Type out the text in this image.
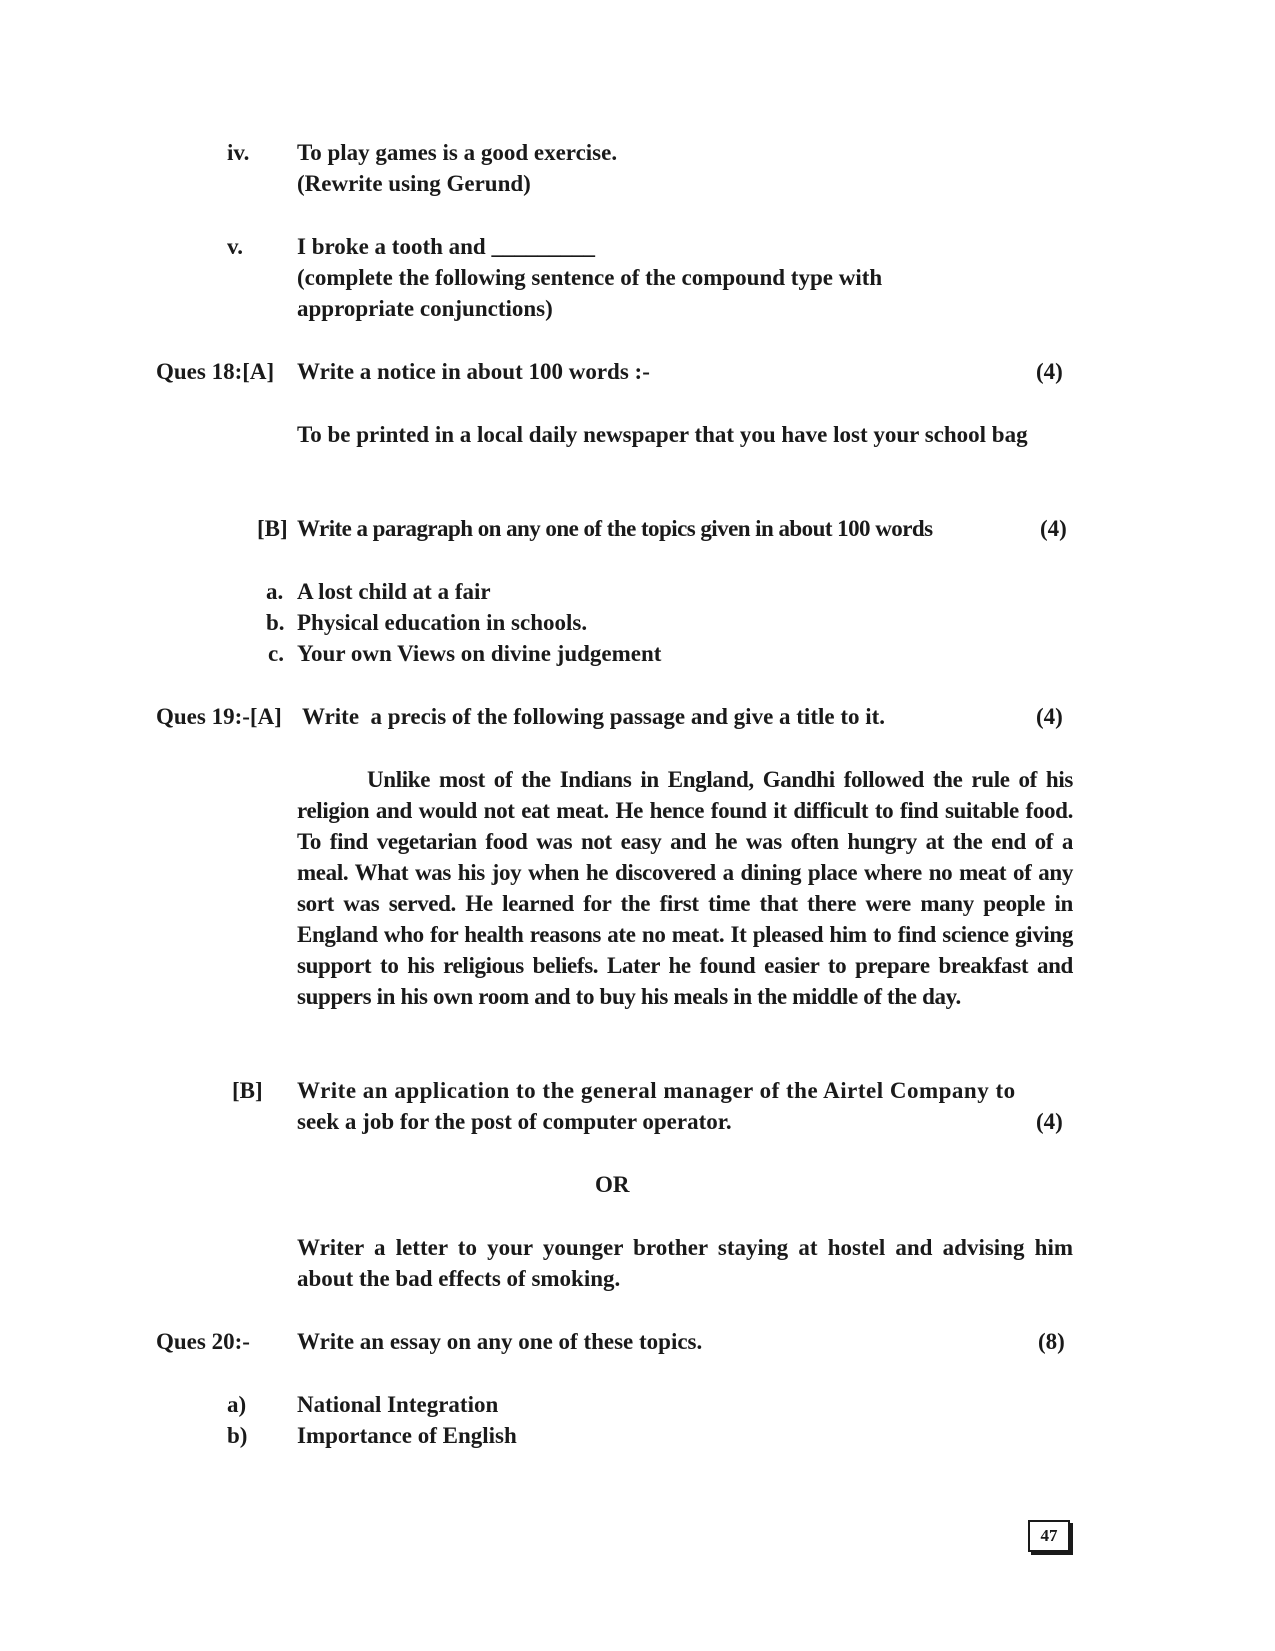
iv. To play games is a good exercise.
(Rewrite using Gerund)
v. I broke a tooth and _________
(complete the following sentence of the compound type with
appropriate conjunctions)
Ques 18:[A] Write a notice in about 100 words :-	(4)
To be printed in a local daily newspaper that you have lost your school bag
[B] Write a paragraph on any one of the topics given in about 100 words	(4)
a. A lost child at a fair
b. Physical education in schools.
c. Your own Views on divine judgement
Ques 19:-[A] Write  a precis of the following passage and give a title to it.	(4)
Unlike most of the Indians in England, Gandhi followed the rule of his religion and would not eat meat. He hence found it difficult to find suitable food. To find vegetarian food was not easy and he was often hungry at the end of a meal. What was his joy when he discovered a dining place where no meat of any sort was served. He learned for the first time that there were many people in England who for health reasons ate no meat. It pleased him to find science giving support to his religious beliefs. Later he found easier to prepare breakfast and suppers in his own room and to buy his meals in the middle of the day.
[B] Write an application to the general manager of the Airtel Company to
seek a job for the post of computer operator.	(4)
OR
Writer a letter to your younger brother staying at hostel and advising him about the bad effects of smoking.
Ques 20:- Write an essay on any one of these topics.	(8)
a) National Integration
b) Importance of English
47
